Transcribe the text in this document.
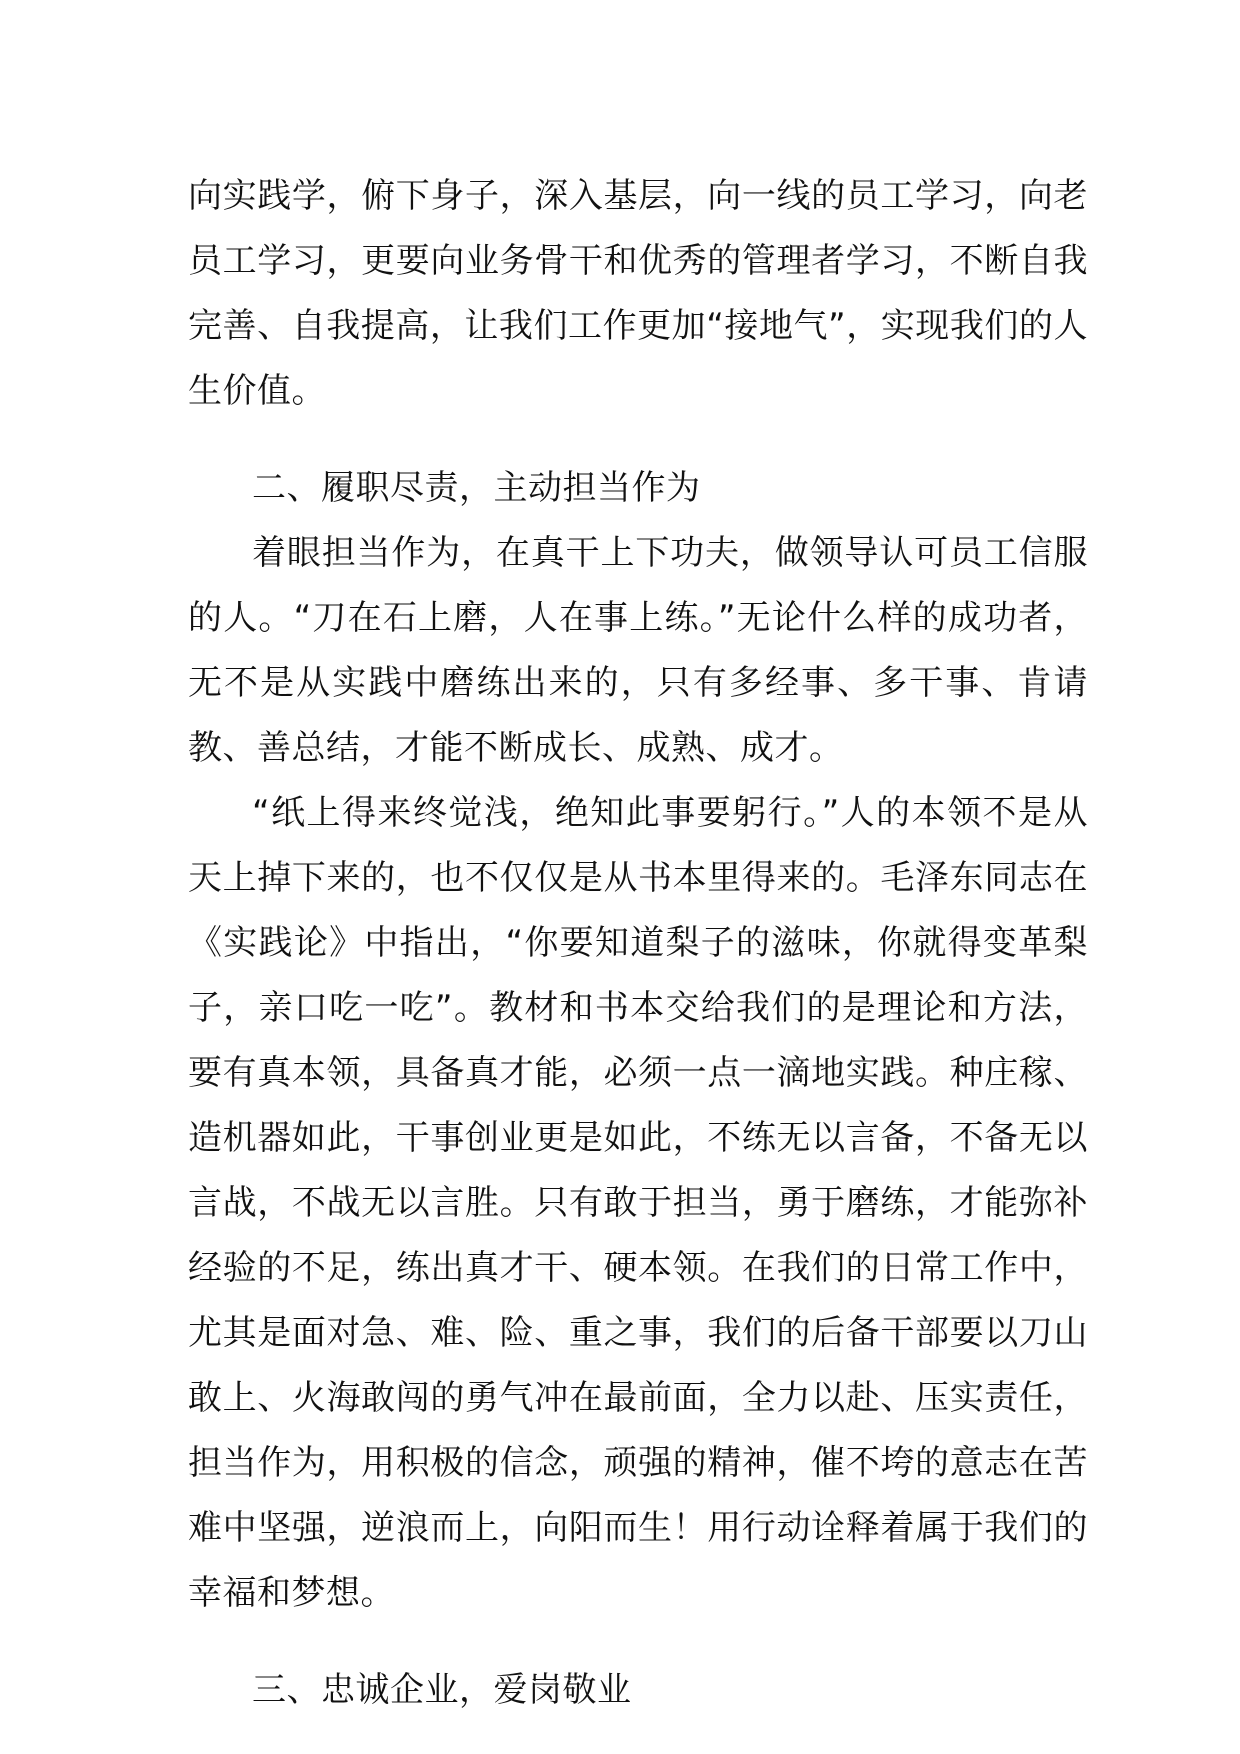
向实践学，俯下身子，深入基层，向一线的员工学习，向老员工学习，更要向业务骨干和优秀的管理者学习，不断自我完善、自我提高，让我们工作更加“接地气”，实现我们的人生价值。

二、履职尽责，主动担当作为

着眼担当作为，在真干上下功夫，做领导认可员工信服的人。“刀在石上磨，人在事上练。”无论什么样的成功者，无不是从实践中磨练出来的，只有多经事、多干事、肯请教、善总结，才能不断成长、成熟、成才。

“纸上得来终觉浅，绝知此事要躬行。”人的本领不是从天上掉下来的，也不仅仅是从书本里得来的。毛泽东同志在《实践论》中指出，“你要知道梨子的滋味，你就得变革梨子，亲口吃一吃”。教材和书本交给我们的是理论和方法，要有真本领，具备真才能，必须一点一滴地实践。种庄稼、造机器如此，干事创业更是如此，不练无以言备，不备无以言战，不战无以言胜。只有敢于担当，勇于磨练，才能弥补经验的不足，练出真才干、硬本领。在我们的日常工作中，尤其是面对急、难、险、重之事，我们的后备干部要以刀山敢上、火海敢闯的勇气冲在最前面，全力以赴、压实责任，担当作为，用积极的信念，顽强的精神，催不垮的意志在苦难中坚强，逆浪而上，向阳而生！用行动诠释着属于我们的幸福和梦想。

三、忠诚企业，爱岗敬业
